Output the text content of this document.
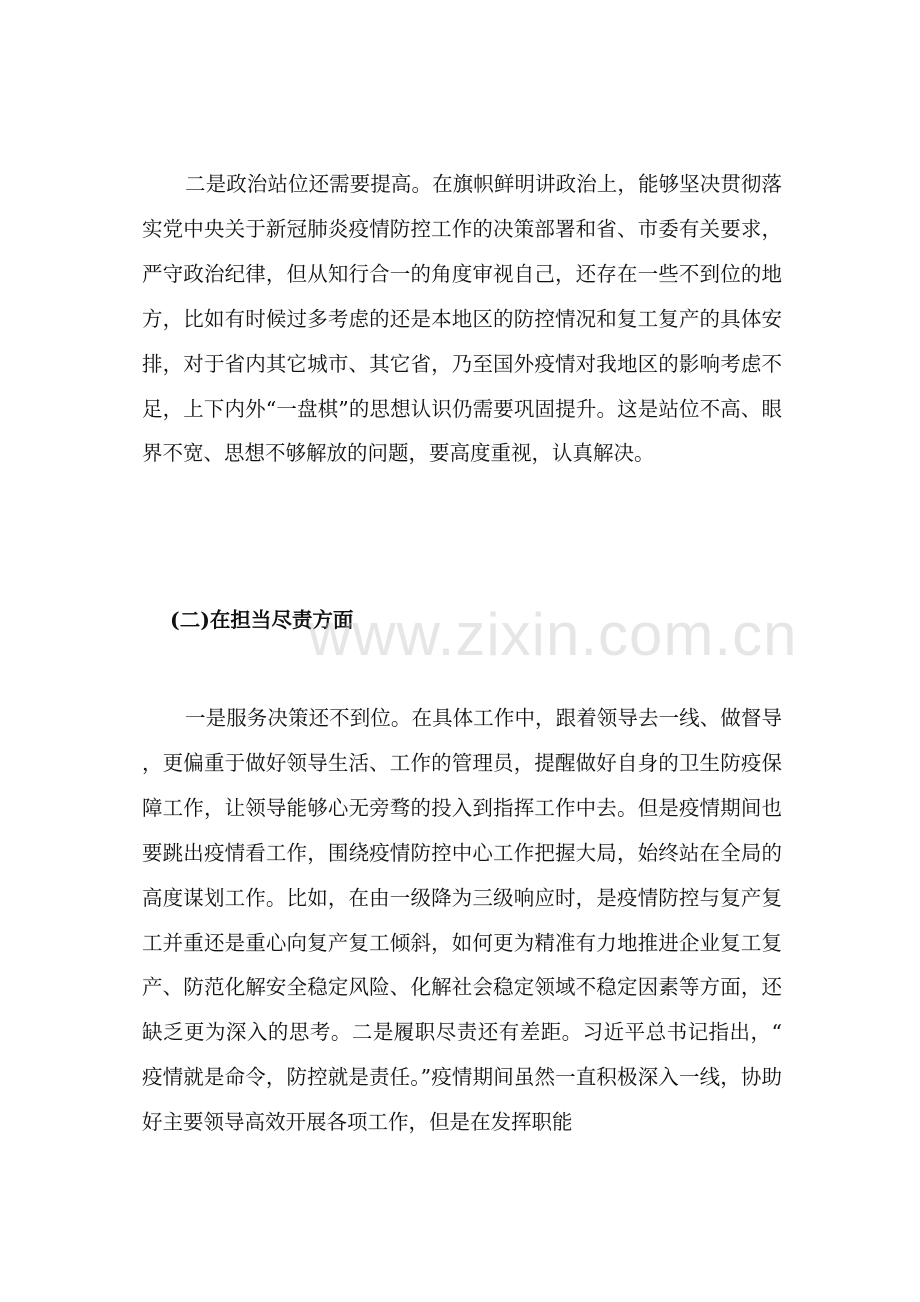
二是政治站位还需要提高。在旗帜鲜明讲政治上，能够坚决贯彻落实党中央关于新冠肺炎疫情防控工作的决策部署和省、市委有关要求，严守政治纪律，但从知行合一的角度审视自己，还存在一些不到位的地方，比如有时候过多考虑的还是本地区的防控情况和复工复产的具体安排，对于省内其它城市、其它省，乃至国外疫情对我地区的影响考虑不足，上下内外“一盘棋”的思想认识仍需要巩固提升。这是站位不高、眼界不宽、思想不够解放的问题，要高度重视，认真解决。

(二)在担当尽责方面
www.zixin.com.cn

一是服务决策还不到位。在具体工作中，跟着领导去一线、做督导，更偏重于做好领导生活、工作的管理员，提醒做好自身的卫生防疫保障工作，让领导能够心无旁骛的投入到指挥工作中去。但是疫情期间也要跳出疫情看工作，围绕疫情防控中心工作把握大局，始终站在全局的高度谋划工作。比如，在由一级降为三级响应时，是疫情防控与复产复工并重还是重心向复产复工倾斜，如何更为精准有力地推进企业复工复产、防范化解安全稳定风险、化解社会稳定领域不稳定因素等方面，还缺乏更为深入的思考。二是履职尽责还有差距。习近平总书记指出，“疫情就是命令，防控就是责任。”疫情期间虽然一直积极深入一线，协助好主要领导高效开展各项工作，但是在发挥职能
